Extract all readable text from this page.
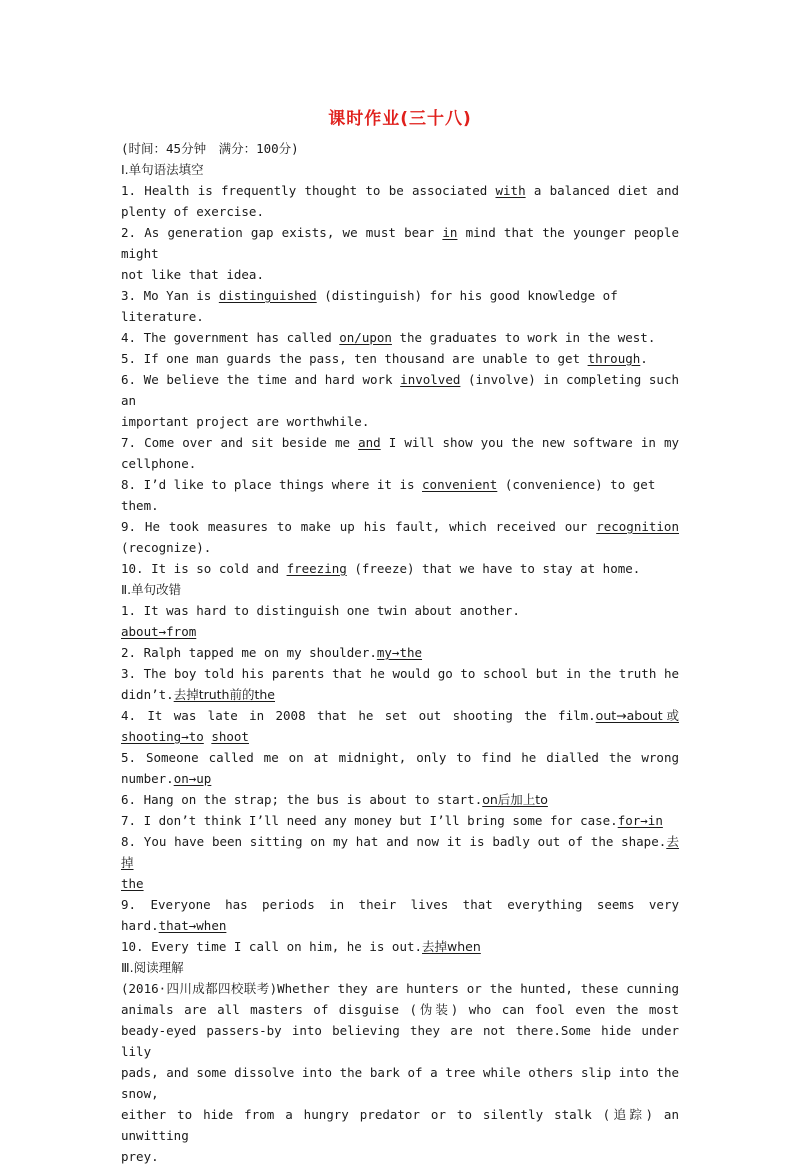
课时作业(三十八)
(时间：45分钟　满分：100分)
Ⅰ.单句语法填空
1. Health is frequently thought to be associated with a balanced diet and
plenty of exercise.
2. As generation gap exists, we must bear in mind that the younger people might
not like that idea.
3. Mo Yan is distinguished (distinguish) for his good knowledge of literature.
4. The government has called on/upon the graduates to work in the west.
5. If one man guards the pass, ten thousand are unable to get through.
6. We believe the time and hard work involved (involve) in completing such an
important project are worthwhile.
7. Come over and sit beside me and I will show you the new software in my
cellphone.
8. I’d like to place things where it is convenient (convenience) to get them.
9. He took measures to make up his fault, which received our recognition
(recognize).
10. It is so cold and freezing (freeze) that we have to stay at home.
Ⅱ.单句改错
1. It was hard to distinguish one twin about another.
about→from
2. Ralph tapped me on my shoulder.my→the
3. The boy told his parents that he would go to school but in the truth he
didn’t.去掉truth前的the
4. It was late in 2008 that he set out shooting the film.out→about或
shooting→to shoot
5. Someone called me on at midnight, only to find he dialled the wrong
number.on→up
6. Hang on the strap; the bus is about to start.on后加上to
7. I don’t think I’ll need any money but I’ll bring some for case.for→in
8. You have been sitting on my hat and now it is badly out of the shape.去掉
the
9. Everyone has periods in their lives that everything seems very
hard.that→when
10. Every time I call on him, he is out.去掉when
Ⅲ.阅读理解
(2016·四川成都四校联考)Whether they are hunters or the hunted, these cunning
animals are all masters of disguise (伪装) who can fool even the most
beady-eyed passers-by into believing they are not there.Some hide under lily
pads, and some dissolve into the bark of a tree while others slip into the snow,
either to hide from a hungry predator or to silently stalk (追踪) an unwitting
prey.
